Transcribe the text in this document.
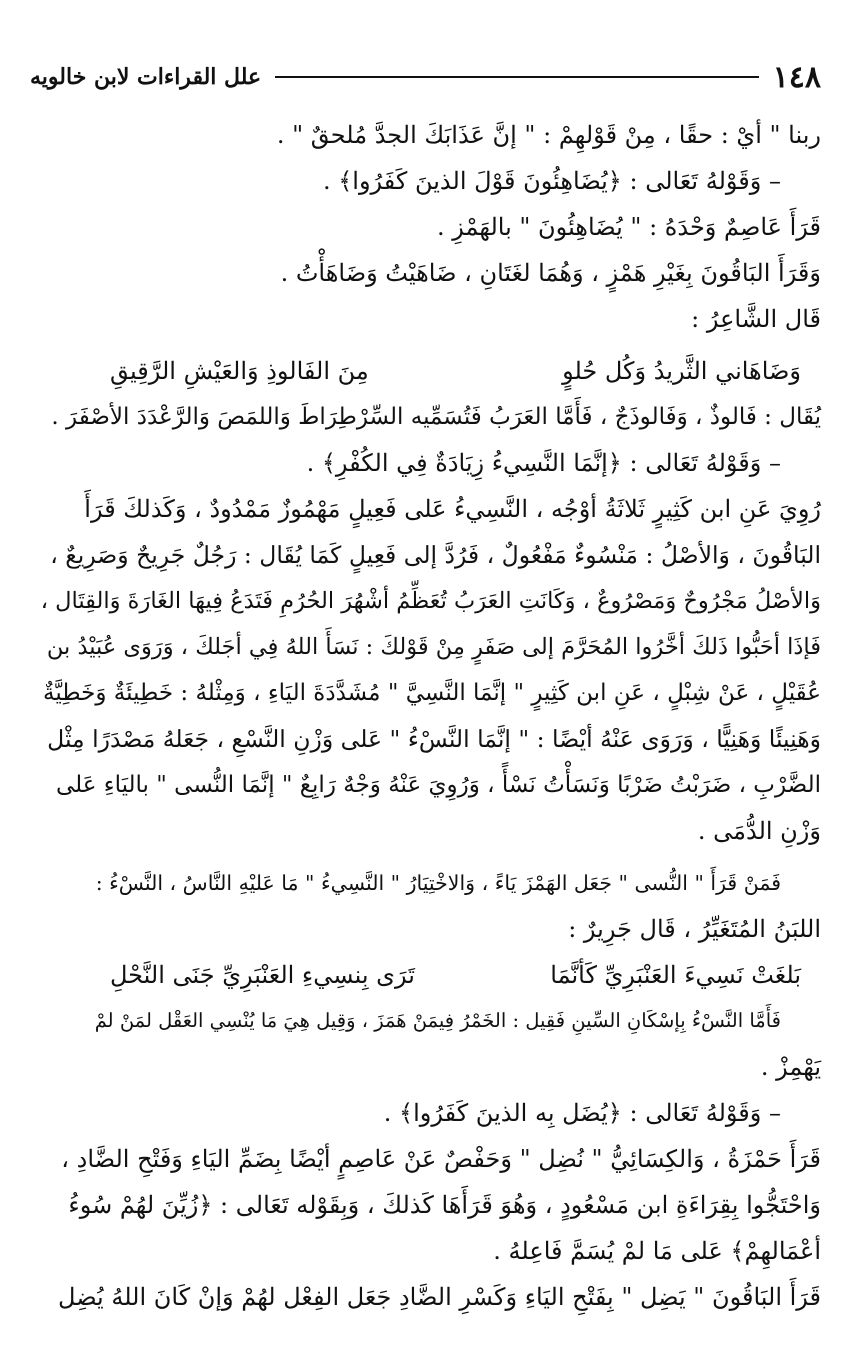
١٤٨
علل القراءات لابن خالويه
ربنا " أيْ : حقًا ، مِنْ قَوْلهِمْ : " إنَّ عَذَابَكَ الجدَّ مُلحقٌ " .
– وَقَوْلهُ تَعَالى : ﴿يُضَاهِئُونَ قَوْلَ الذينَ كَفَرُوا﴾ .
قَرَأَ عَاصِمٌ وَحْدَهُ : " يُضَاهِئُونَ " بالهَمْزِ .
وَقَرَأَ البَاقُونَ بِغَيْرِ هَمْزٍ ، وَهُمَا لغَتَانِ ، ضَاهَيْتُ وَضَاهَأْتُ .
قَال الشَّاعِرُ :
وَضَاهَاني الثَّريدُ وَكُل حُلوٍ
مِنَ الفَالوذِ وَالعَيْشِ الرَّقِيقِ
يُقَال : فَالوذٌ ، وَفَالوذَجٌ ، فَأَمَّا العَرَبُ فَتُسَمِّيه السِّرْطِرَاطَ وَاللمَصَ وَالرَّعْدَدَ الأصْفَرَ .
– وَقَوْلهُ تَعَالى : ﴿إنَّمَا النَّسِيءُ زِيَادَةٌ فِي الكُفْرِ﴾ .
رُوِيَ عَنِ ابن كَثِيرٍ ثَلاثَةُ أوْجُه ، النَّسِيءُ عَلى فَعِيلٍ مَهْمُوزٌ مَمْدُودٌ ، وَكَذلكَ قَرَأَ
البَاقُونَ ، وَالأصْلُ : مَنْسُوءٌ مَفْعُولٌ ، فَرُدَّ إلى فَعِيلٍ كَمَا يُقَال : رَجُلٌ جَرِيحٌ وَصَرِيعٌ ،
وَالأصْلُ مَجْرُوحٌ وَمَصْرُوعٌ ، وَكَانَتِ العَرَبُ تُعَظِّمُ أشْهُرَ الحُرُمِ فَتَدَعُ فِيهَا الغَارَةَ وَالقِتَال ،
فَإذَا أحَبُّوا ذَلكَ أخَّرُوا المُحَرَّمَ إلى صَفَرٍ مِنْ قَوْلكَ : نَسَأَ اللهُ فِي أجَلكَ ، وَرَوَى عُبَيْدُ بن
عُقَيْلٍ ، عَنْ شِبْلٍ ، عَنِ ابن كَثِيرٍ " إنَّمَا النَّسِيَّ " مُشَدَّدَةَ اليَاءِ ، وَمِثْلهُ : خَطِيئَةٌ وَخَطِيَّةٌ
وَهَنِيئًا وَهَنِيًّا ، وَرَوَى عَنْهُ أيْضًا : " إنَّمَا النَّسْءُ " عَلى وَزْنِ النَّسْعِ ، جَعَلهُ مَصْدَرًا مِثْل
الضَّرْبِ ، ضَرَبْتُ ضَرْبًا وَنَسَأْتُ نَسْأً ، وَرُوِيَ عَنْهُ وَجْهٌ رَابِعٌ " إنَّمَا النُّسى " باليَاءِ عَلى
وَزْنِ الدُّمَى .
فَمَنْ قَرَأَ " النُّسى " جَعَل الهَمْزَ يَاءً ، وَالاخْتِيَارُ " النَّسِيءُ " مَا عَليْهِ النَّاسُ ، النَّسْءُ :
اللبَنُ المُتَغَيِّرُ ، قَال جَرِيرٌ :
بَلغَتْ نَسِيءَ العَنْبَرِيِّ كَأنَّمَا
تَرَى بِنسِيءِ العَنْبَرِيِّ جَنَى النَّحْلِ
فَأَمَّا النَّسْءُ بِإسْكَانِ السِّينِ فَقِيل : الخَمْرُ فِيمَنْ هَمَزَ ، وَقِيل هِيَ مَا يُنْسِي العَقْل لمَنْ لمْ
يَهْمِزْ .
– وَقَوْلهُ تَعَالى : ﴿يُضَل بِه الذينَ كَفَرُوا﴾ .
قَرَأَ حَمْزَةُ ، وَالكِسَائِيُّ " نُضِل " وَحَفْصٌ عَنْ عَاصِمٍ أيْضًا بِضَمِّ اليَاءِ وَفَتْحِ الضَّادِ ،
وَاحْتَجُّوا بِقِرَاءَةِ ابن مَسْعُودٍ ، وَهُوَ قَرَأَهَا كَذلكَ ، وَبِقَوْله تَعَالى : ﴿زُيِّنَ لهُمْ سُوءُ
أعْمَالهِمْ﴾ عَلى مَا لمْ يُسَمَّ فَاعِلهُ .
قَرَأَ البَاقُونَ " يَضِل " بِفَتْحِ اليَاءِ وَكَسْرِ الضَّادِ جَعَل الفِعْل لهُمْ وَإنْ كَانَ اللهُ يُضِل
